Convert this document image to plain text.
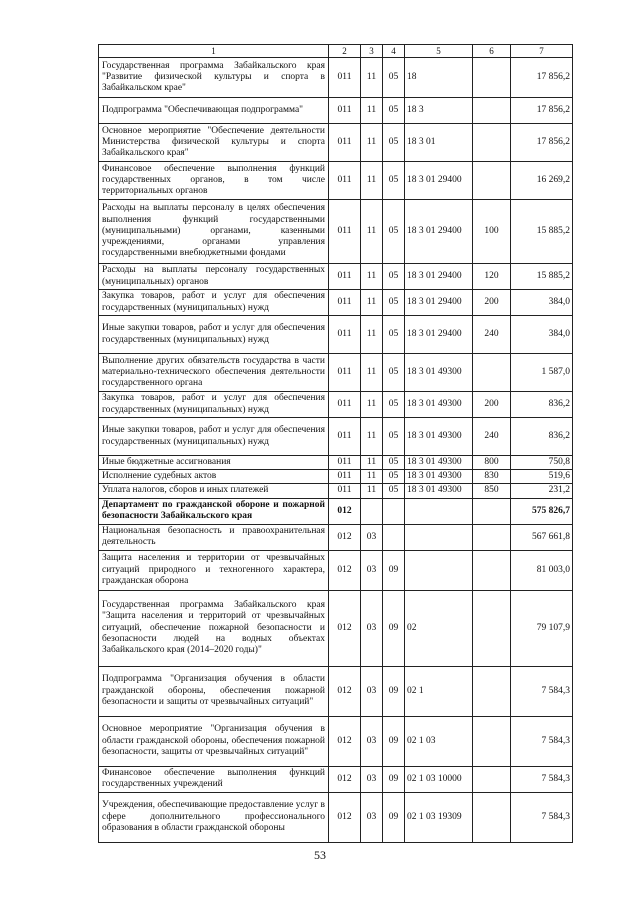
1	2	3	4	5	6	7
Государственная программа Забайкальского края "Развитие физической культуры и спорта в Забайкальском крае"	011	11	05	18		17 856,2
Подпрограмма "Обеспечивающая подпрограмма"	011	11	05	18 3		17 856,2
Основное мероприятие "Обеспечение деятельности Министерства физической культуры и спорта Забайкальского края"	011	11	05	18 3 01		17 856,2
Финансовое обеспечение выполнения функций государственных органов, в том числе территориальных органов	011	11	05	18 3 01 29400		16 269,2
Расходы на выплаты персоналу в целях обеспечения выполнения функций государственными (муниципальными) органами, казенными учреждениями, органами управления государственными внебюджетными фондами	011	11	05	18 3 01 29400	100	15 885,2
Расходы на выплаты персоналу государственных (муниципальных) органов	011	11	05	18 3 01 29400	120	15 885,2
Закупка товаров, работ и услуг для обеспечения государственных (муниципальных) нужд	011	11	05	18 3 01 29400	200	384,0
Иные закупки товаров, работ и услуг для обеспечения государственных (муниципальных) нужд	011	11	05	18 3 01 29400	240	384,0
Выполнение других обязательств государства в части материально-технического обеспечения деятельности государственного органа	011	11	05	18 3 01 49300		1 587,0
Закупка товаров, работ и услуг для обеспечения государственных (муниципальных) нужд	011	11	05	18 3 01 49300	200	836,2
Иные закупки товаров, работ и услуг для обеспечения государственных (муниципальных) нужд	011	11	05	18 3 01 49300	240	836,2
Иные бюджетные ассигнования	011	11	05	18 3 01 49300	800	750,8
Исполнение судебных актов	011	11	05	18 3 01 49300	830	519,6
Уплата налогов, сборов и иных платежей	011	11	05	18 3 01 49300	850	231,2
Департамент по гражданской обороне и пожарной безопасности Забайкальского края	012					575 826,7
Национальная безопасность и правоохранительная деятельность	012	03				567 661,8
Защита населения и территории от чрезвычайных ситуаций природного и техногенного характера, гражданская оборона	012	03	09			81 003,0
Государственная программа Забайкальского края "Защита населения и территорий от чрезвычайных ситуаций, обеспечение пожарной безопасности и безопасности людей на водных объектах Забайкальского края (2014–2020 годы)"	012	03	09	02		79 107,9
Подпрограмма "Организация обучения в области гражданской обороны, обеспечения пожарной безопасности и защиты от чрезвычайных ситуаций"	012	03	09	02 1		7 584,3
Основное мероприятие "Организация обучения в области гражданской обороны, обеспечения пожарной безопасности, защиты от чрезвычайных ситуаций"	012	03	09	02 1 03		7 584,3
Финансовое обеспечение выполнения функций государственных учреждений	012	03	09	02 1 03 10000		7 584,3
Учреждения, обеспечивающие предоставление услуг в сфере дополнительного профессионального образования в области гражданской обороны	012	03	09	02 1 03 19309		7 584,3
53
